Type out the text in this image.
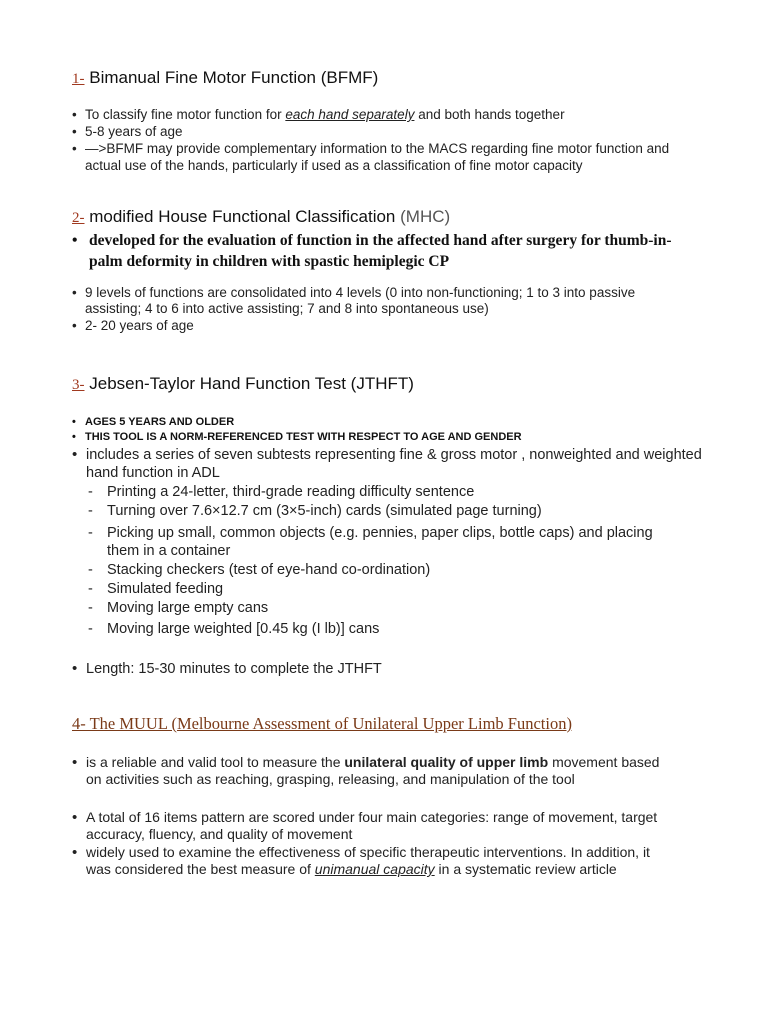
1- Bimanual Fine Motor Function (BFMF)
• To classify fine motor function for each hand separately and both hands together
• 5-8 years of age
• —>BFMF may provide complementary information to the MACS regarding fine motor function and actual use of the hands, particularly if used as a classification of fine motor capacity
2- modified House Functional Classification (MHC)
• developed for the evaluation of function in the affected hand after surgery for thumb-in-palm deformity in children with spastic hemiplegic CP
• 9 levels of functions are consolidated into 4 levels (0 into non-functioning; 1 to 3 into passive assisting; 4 to 6 into active assisting; 7 and 8 into spontaneous use)
• 2- 20 years of age
3- Jebsen-Taylor Hand Function Test (JTHFT)
• AGES 5 YEARS AND OLDER
• THIS TOOL IS A NORM-REFERENCED TEST WITH RESPECT TO AGE AND GENDER
• includes a series of seven subtests representing fine & gross motor , nonweighted and weighted hand function in ADL
- Printing a 24-letter, third-grade reading difficulty sentence
- Turning over 7.6×12.7 cm (3×5-inch) cards (simulated page turning)
- Picking up small, common objects (e.g. pennies, paper clips, bottle caps) and placing them in a container
- Stacking checkers (test of eye-hand co-ordination)
- Simulated feeding
- Moving large empty cans
- Moving large weighted [0.45 kg (I lb)] cans
• Length: 15-30 minutes to complete the JTHFT
4- The MUUL (Melbourne Assessment of Unilateral Upper Limb Function)
• is a reliable and valid tool to measure the unilateral quality of upper limb movement based on activities such as reaching, grasping, releasing, and manipulation of the tool
• A total of 16 items pattern are scored under four main categories: range of movement, target accuracy, fluency, and quality of movement
• widely used to examine the effectiveness of specific therapeutic interventions. In addition, it was considered the best measure of unimanual capacity in a systematic review article
